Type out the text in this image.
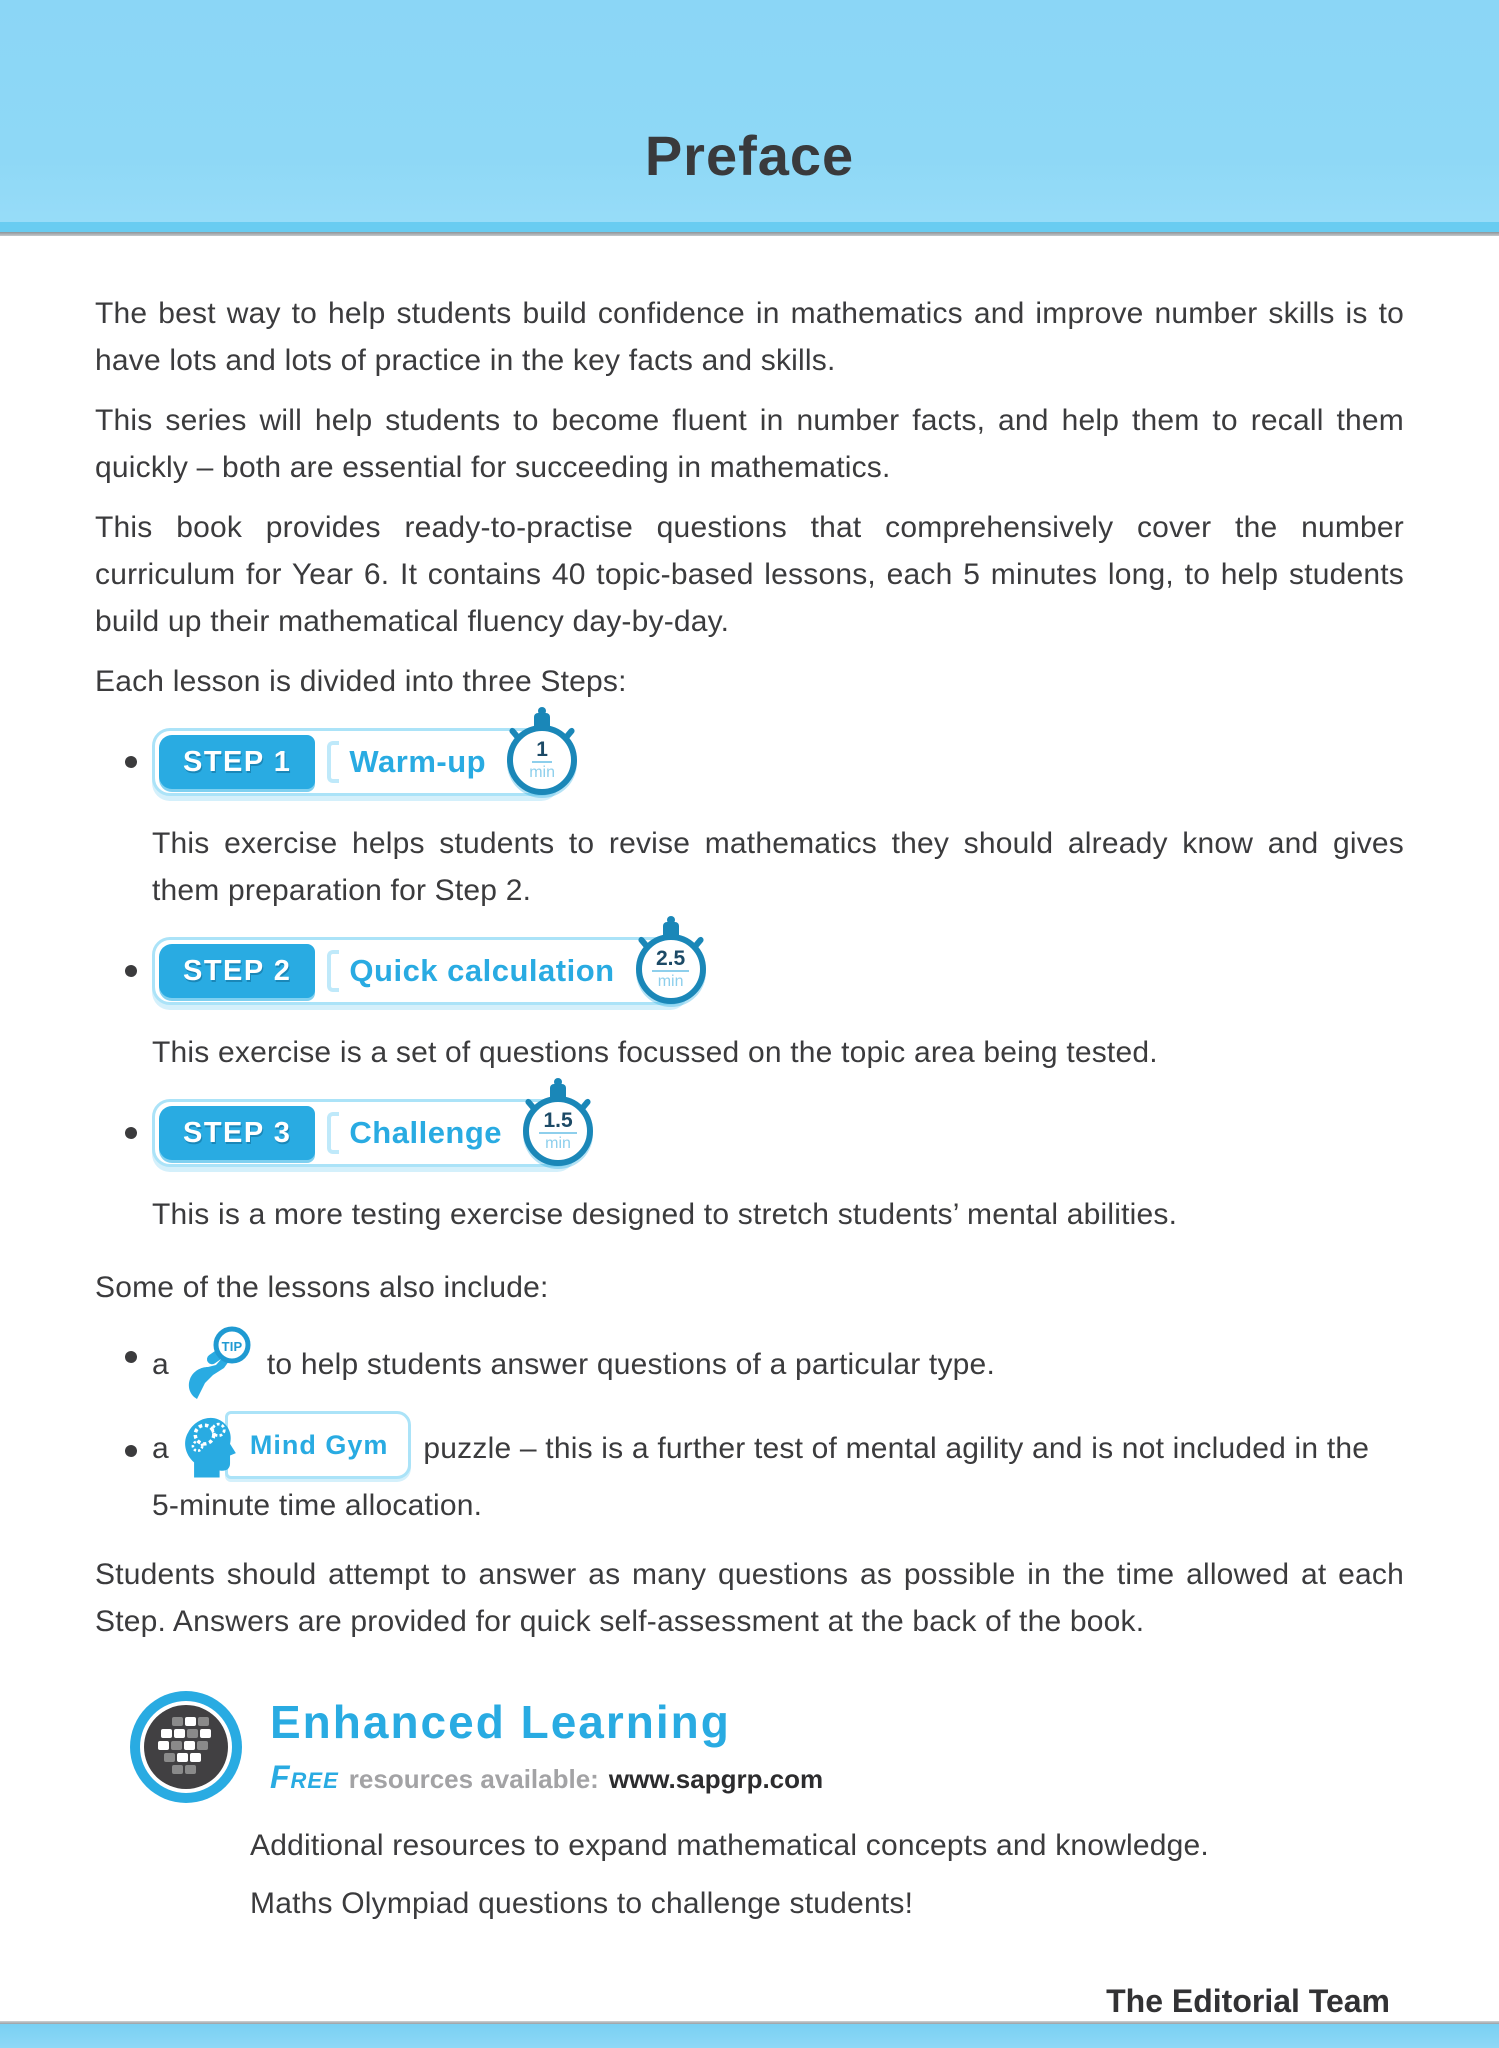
Preface

The best way to help students build confidence in mathematics and improve number skills is to have lots and lots of practice in the key facts and skills.

This series will help students to become fluent in number facts, and help them to recall them quickly – both are essential for succeeding in mathematics.

This book provides ready-to-practise questions that comprehensively cover the number curriculum for Year 6. It contains 40 topic-based lessons, each 5 minutes long, to help students build up their mathematical fluency day-by-day.

Each lesson is divided into three Steps:

STEP 1	Warm-up 1
min

This exercise helps students to revise mathematics they should already know and gives them preparation for Step 2.

STEP 2	Quick calculation 2.5
min

This exercise is a set of questions focussed on the topic area being tested.

STEP 3	Challenge 1.5
min

This is a more testing exercise designed to stretch students’ mental abilities.

Some of the lessons also include:

a
TIP
to help students answer questions of a particular type.

a	Mind Gym	puzzle – this is a further test of mental agility and is not included in the 5-minute time allocation.

Students should attempt to answer as many questions as possible in the time allowed at each Step. Answers are provided for quick self-assessment at the back of the book.

Enhanced Learning
Free resources available: www.sapgrp.com

Additional resources to expand mathematical concepts and knowledge.

Maths Olympiad questions to challenge students!

The Editorial Team
